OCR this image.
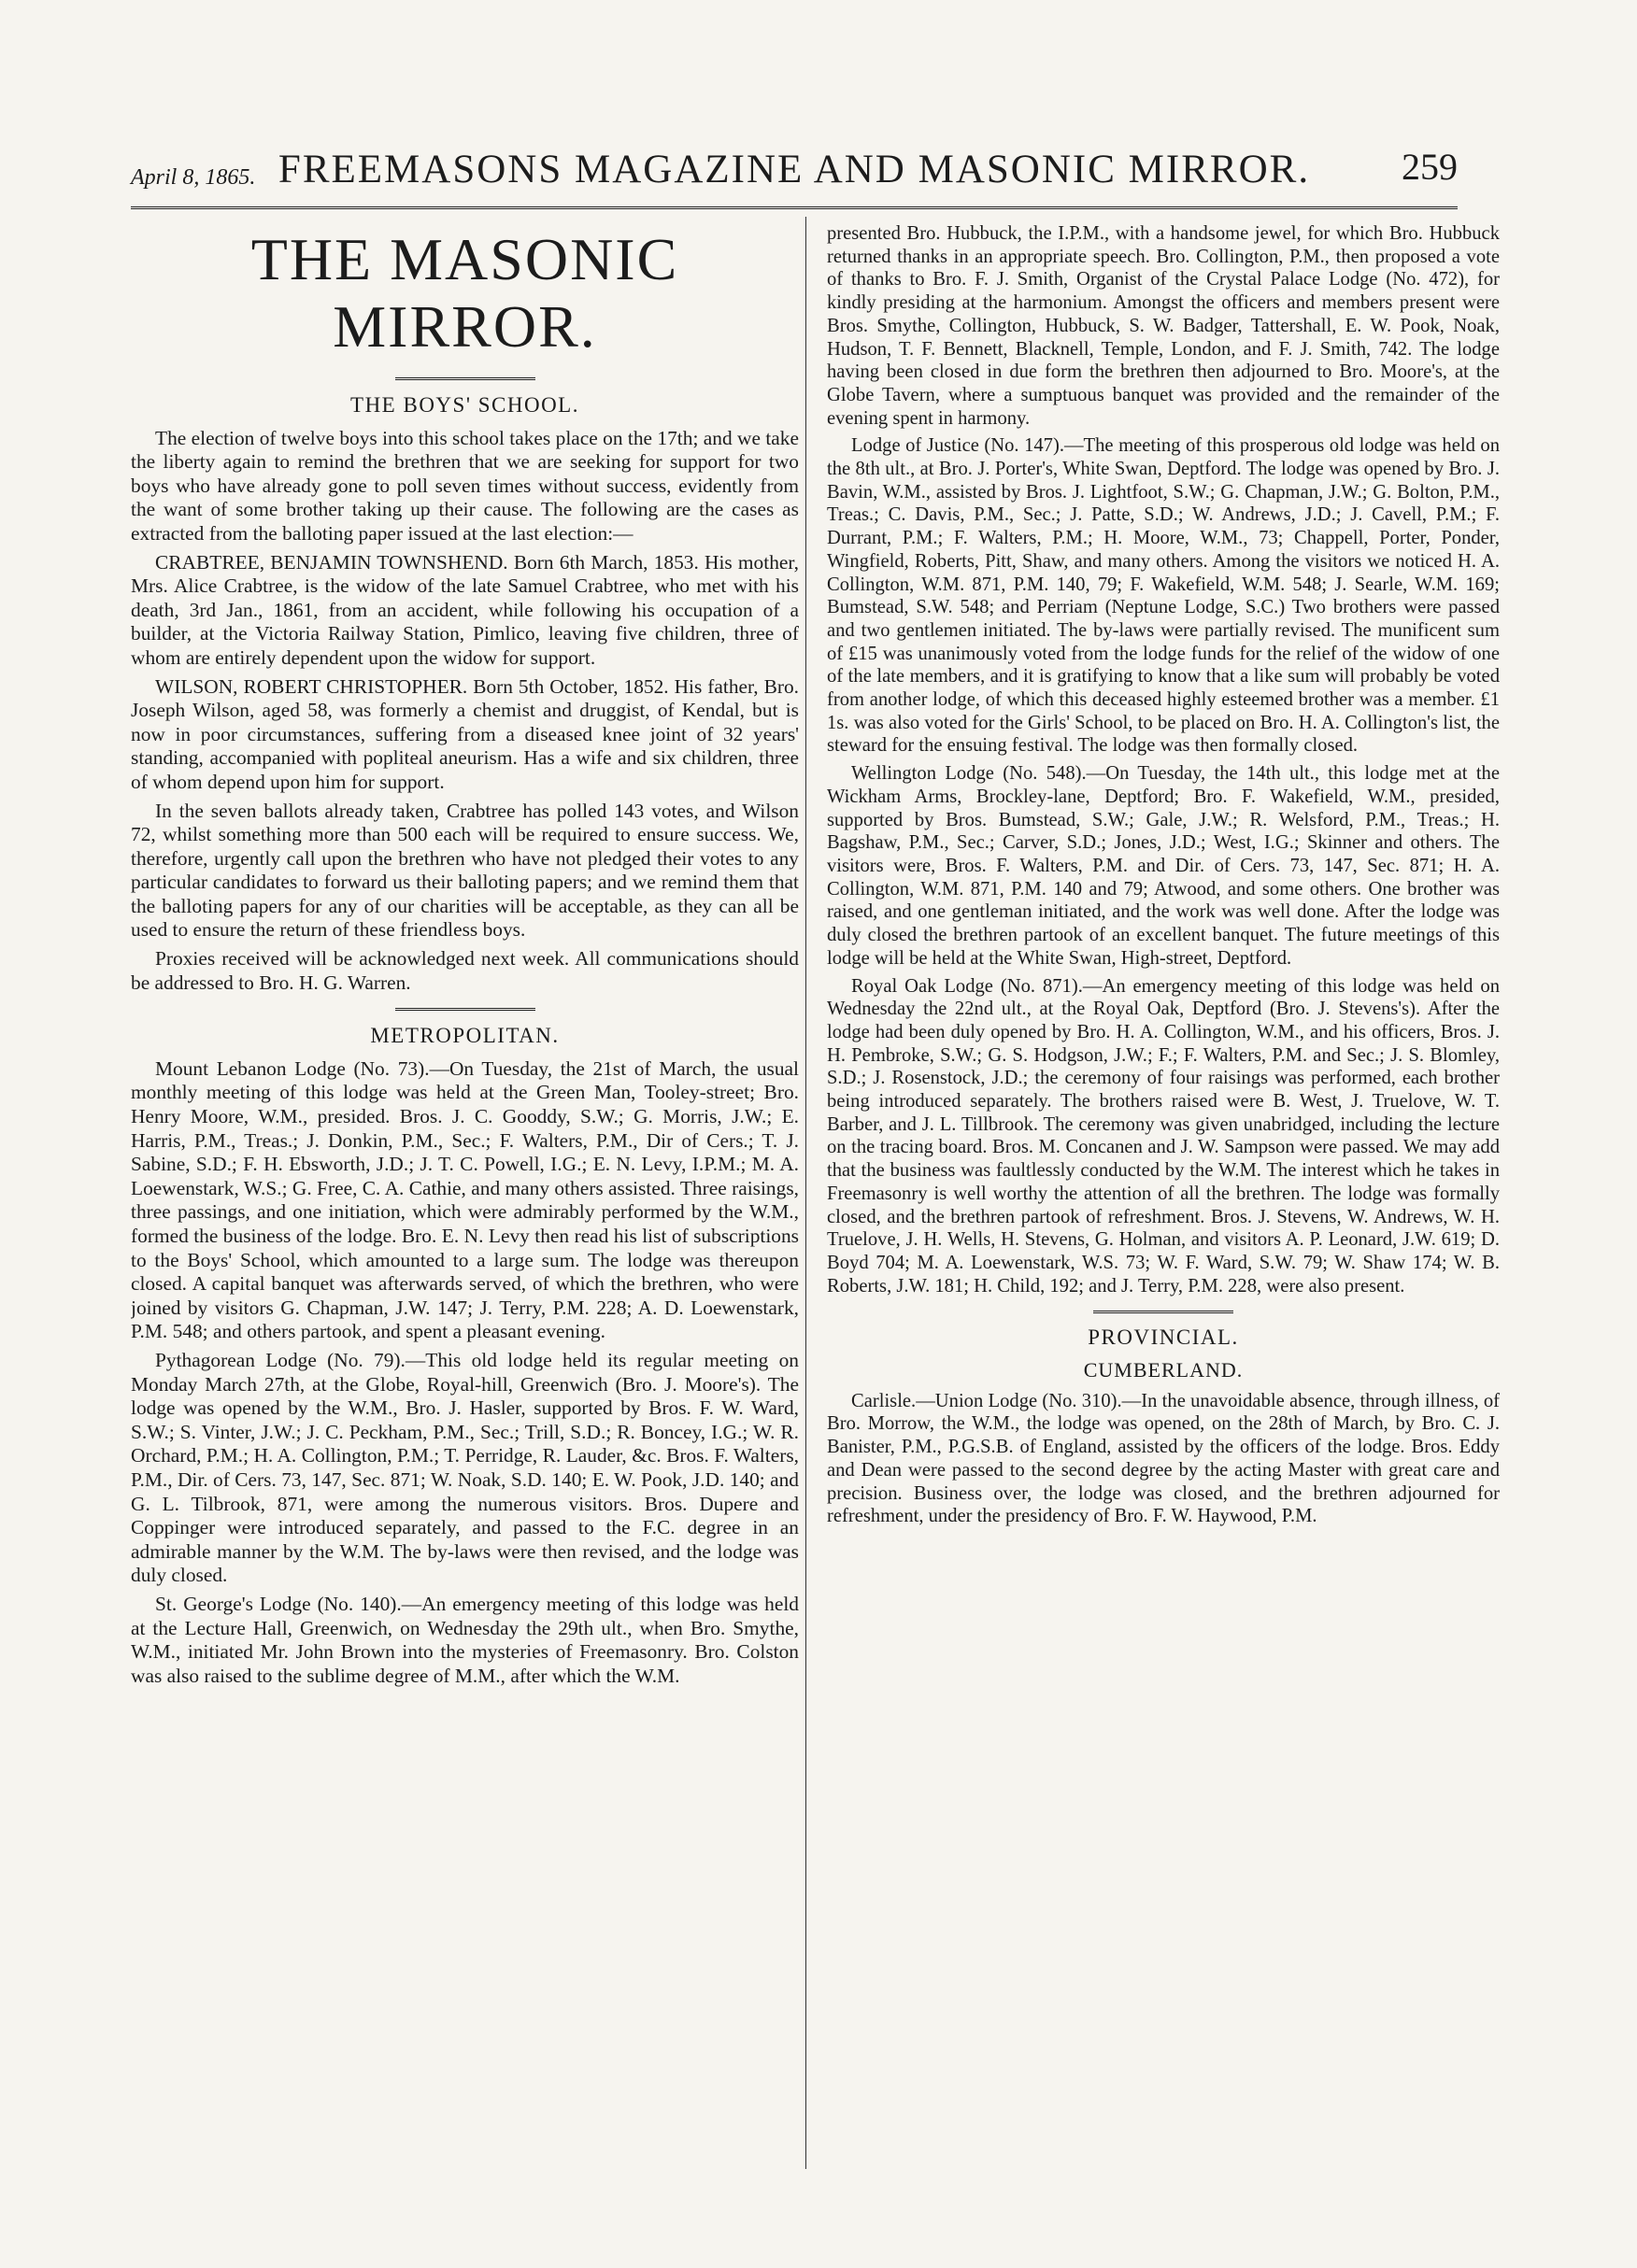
April 8, 1865. FREEMASONS MAGAZINE AND MASONIC MIRROR.	259
THE MASONIC MIRROR.
THE BOYS' SCHOOL.

The election of twelve boys into this school takes place on the 17th; and we take the liberty again to remind the brethren that we are seeking for support for two boys who have already gone to poll seven times without success, evidently from the want of some brother taking up their cause. The following are the cases as extracted from the balloting paper issued at the last election:—

CRABTREE, BENJAMIN TOWNSHEND. Born 6th March, 1853. His mother, Mrs. Alice Crabtree, is the widow of the late Samuel Crabtree, who met with his death, 3rd Jan., 1861, from an accident, while following his occupation of a builder, at the Victoria Railway Station, Pimlico, leaving five children, three of whom are entirely dependent upon the widow for support.

WILSON, ROBERT CHRISTOPHER. Born 5th October, 1852. His father, Bro. Joseph Wilson, aged 58, was formerly a chemist and druggist, of Kendal, but is now in poor circumstances, suffering from a diseased knee joint of 32 years' standing, accompanied with popliteal aneurism. Has a wife and six children, three of whom depend upon him for support.

In the seven ballots already taken, Crabtree has polled 143 votes, and Wilson 72, whilst something more than 500 each will be required to ensure success. We, therefore, urgently call upon the brethren who have not pledged their votes to any particular candidates to forward us their balloting papers; and we remind them that the balloting papers for any of our charities will be acceptable, as they can all be used to ensure the return of these friendless boys.

Proxies received will be acknowledged next week. All communications should be addressed to Bro. H. G. Warren.

METROPOLITAN.

Mount Lebanon Lodge (No. 73).—On Tuesday, the 21st of March, the usual monthly meeting of this lodge was held at the Green Man, Tooley-street; Bro. Henry Moore, W.M., presided. Bros. J. C. Gooddy, S.W.; G. Morris, J.W.; E. Harris, P.M., Treas.; J. Donkin, P.M., Sec.; F. Walters, P.M., Dir of Cers.; T. J. Sabine, S.D.; F. H. Ebsworth, J.D.; J. T. C. Powell, I.G.; E. N. Levy, I.P.M.; M. A. Loewenstark, W.S.; G. Free, C. A. Cathie, and many others assisted. Three raisings, three passings, and one initiation, which were admirably performed by the W.M., formed the business of the lodge. Bro. E. N. Levy then read his list of subscriptions to the Boys' School, which amounted to a large sum. The lodge was thereupon closed. A capital banquet was afterwards served, of which the brethren, who were joined by visitors G. Chapman, J.W. 147; J. Terry, P.M. 228; A. D. Loewenstark, P.M. 548; and others partook, and spent a pleasant evening.

Pythagorean Lodge (No. 79).—This old lodge held its regular meeting on Monday March 27th, at the Globe, Royal-hill, Greenwich (Bro. J. Moore's). The lodge was opened by the W.M., Bro. J. Hasler, supported by Bros. F. W. Ward, S.W.; S. Vinter, J.W.; J. C. Peckham, P.M., Sec.; Trill, S.D.; R. Boncey, I.G.; W. R. Orchard, P.M.; H. A. Collington, P.M.; T. Perridge, R. Lauder, &c. Bros. F. Walters, P.M., Dir. of Cers. 73, 147, Sec. 871; W. Noak, S.D. 140; E. W. Pook, J.D. 140; and G. L. Tilbrook, 871, were among the numerous visitors. Bros. Dupere and Coppinger were introduced separately, and passed to the F.C. degree in an admirable manner by the W.M. The by-laws were then revised, and the lodge was duly closed.

St. George's Lodge (No. 140).—An emergency meeting of this lodge was held at the Lecture Hall, Greenwich, on Wednesday the 29th ult., when Bro. Smythe, W.M., initiated Mr. John Brown into the mysteries of Freemasonry. Bro. Colston was also raised to the sublime degree of M.M., after which the W.M.

presented Bro. Hubbuck, the I.P.M., with a handsome jewel, for which Bro. Hubbuck returned thanks in an appropriate speech. Bro. Collington, P.M., then proposed a vote of thanks to Bro. F. J. Smith, Organist of the Crystal Palace Lodge (No. 472), for kindly presiding at the harmonium. Amongst the officers and members present were Bros. Smythe, Collington, Hubbuck, S. W. Badger, Tattershall, E. W. Pook, Noak, Hudson, T. F. Bennett, Blacknell, Temple, London, and F. J. Smith, 742. The lodge having been closed in due form the brethren then adjourned to Bro. Moore's, at the Globe Tavern, where a sumptuous banquet was provided and the remainder of the evening spent in harmony.

Lodge of Justice (No. 147).—The meeting of this prosperous old lodge was held on the 8th ult., at Bro. J. Porter's, White Swan, Deptford. The lodge was opened by Bro. J. Bavin, W.M., assisted by Bros. J. Lightfoot, S.W.; G. Chapman, J.W.; G. Bolton, P.M., Treas.; C. Davis, P.M., Sec.; J. Patte, S.D.; W. Andrews, J.D.; J. Cavell, P.M.; F. Durrant, P.M.; F. Walters, P.M.; H. Moore, W.M., 73; Chappell, Porter, Ponder, Wingfield, Roberts, Pitt, Shaw, and many others. Among the visitors we noticed H. A. Collington, W.M. 871, P.M. 140, 79; F. Wakefield, W.M. 548; J. Searle, W.M. 169; Bumstead, S.W. 548; and Perriam (Neptune Lodge, S.C.) Two brothers were passed and two gentlemen initiated. The by-laws were partially revised. The munificent sum of £15 was unanimously voted from the lodge funds for the relief of the widow of one of the late members, and it is gratifying to know that a like sum will probably be voted from another lodge, of which this deceased highly esteemed brother was a member. £1 1s. was also voted for the Girls' School, to be placed on Bro. H. A. Collington's list, the steward for the ensuing festival. The lodge was then formally closed.

Wellington Lodge (No. 548).—On Tuesday, the 14th ult., this lodge met at the Wickham Arms, Brockley-lane, Deptford; Bro. F. Wakefield, W.M., presided, supported by Bros. Bumstead, S.W.; Gale, J.W.; R. Welsford, P.M., Treas.; H. Bagshaw, P.M., Sec.; Carver, S.D.; Jones, J.D.; West, I.G.; Skinner and others. The visitors were, Bros. F. Walters, P.M. and Dir. of Cers. 73, 147, Sec. 871; H. A. Collington, W.M. 871, P.M. 140 and 79; Atwood, and some others. One brother was raised, and one gentleman initiated, and the work was well done. After the lodge was duly closed the brethren partook of an excellent banquet. The future meetings of this lodge will be held at the White Swan, High-street, Deptford.

Royal Oak Lodge (No. 871).—An emergency meeting of this lodge was held on Wednesday the 22nd ult., at the Royal Oak, Deptford (Bro. J. Stevens's). After the lodge had been duly opened by Bro. H. A. Collington, W.M., and his officers, Bros. J. H. Pembroke, S.W.; G. S. Hodgson, J.W.; F.; F. Walters, P.M. and Sec.; J. S. Blomley, S.D.; J. Rosenstock, J.D.; the ceremony of four raisings was performed, each brother being introduced separately. The brothers raised were B. West, J. Truelove, W. T. Barber, and J. L. Tillbrook. The ceremony was given unabridged, including the lecture on the tracing board. Bros. M. Concanen and J. W. Sampson were passed. We may add that the business was faultlessly conducted by the W.M. The interest which he takes in Freemasonry is well worthy the attention of all the brethren. The lodge was formally closed, and the brethren partook of refreshment. Bros. J. Stevens, W. Andrews, W. H. Truelove, J. H. Wells, H. Stevens, G. Holman, and visitors A. P. Leonard, J.W. 619; D. Boyd 704; M. A. Loewenstark, W.S. 73; W. F. Ward, S.W. 79; W. Shaw 174; W. B. Roberts, J.W. 181; H. Child, 192; and J. Terry, P.M. 228, were also present.

PROVINCIAL.
CUMBERLAND.

Carlisle.—Union Lodge (No. 310).—In the unavoidable absence, through illness, of Bro. Morrow, the W.M., the lodge was opened, on the 28th of March, by Bro. C. J. Banister, P.M., P.G.S.B. of England, assisted by the officers of the lodge. Bros. Eddy and Dean were passed to the second degree by the acting Master with great care and precision. Business over, the lodge was closed, and the brethren adjourned for refreshment, under the presidency of Bro. F. W. Haywood, P.M.
